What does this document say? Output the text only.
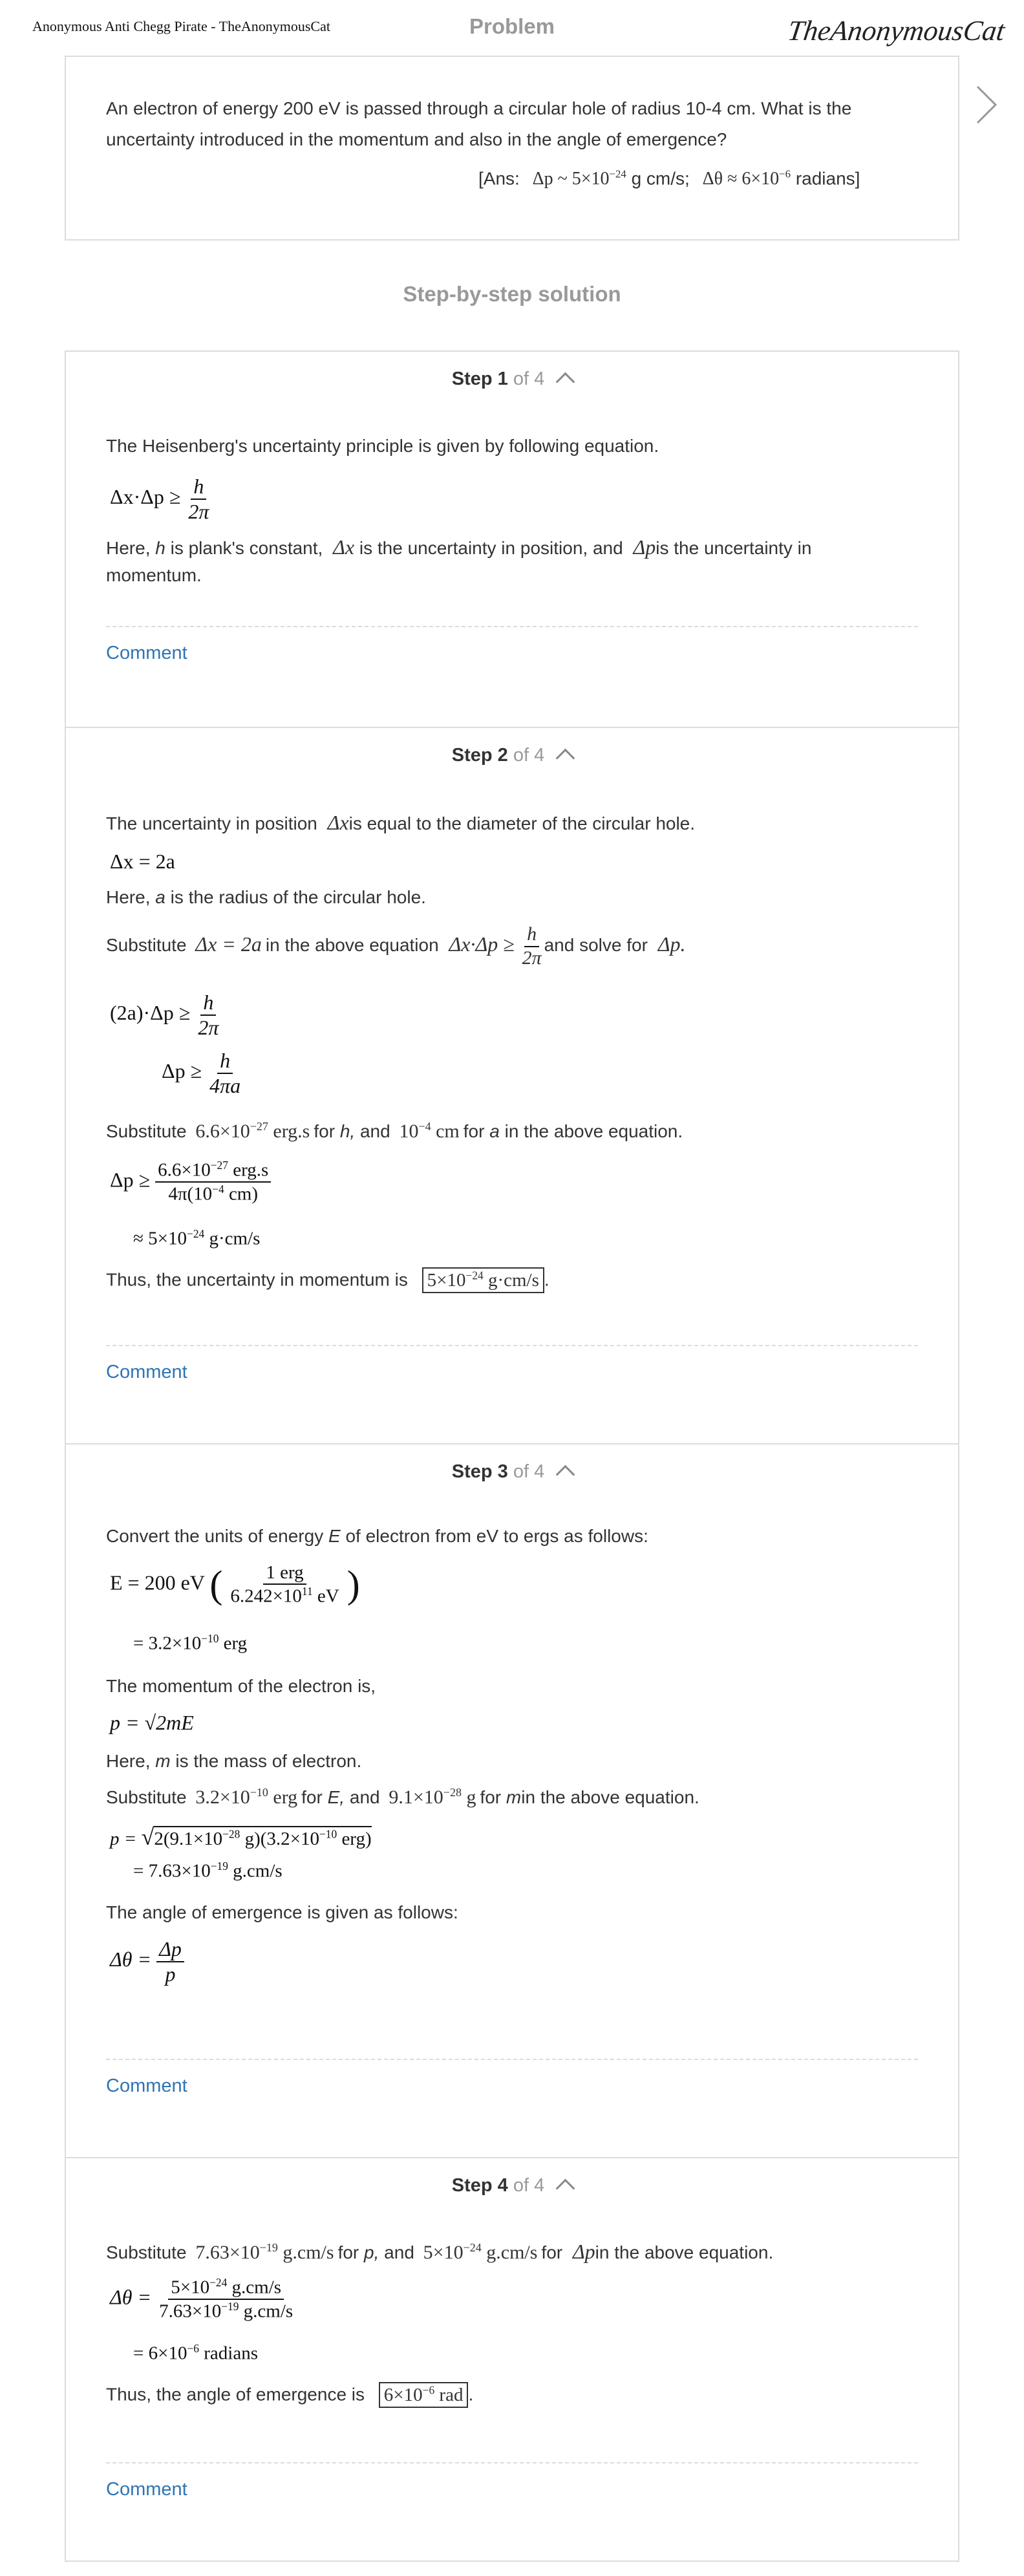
Anonymous Anti Chegg Pirate - TheAnonymousCat	Problem	TheAnonymousCat
An electron of energy 200 eV is passed through a circular hole of radius 10-4 cm. What is the
uncertainty introduced in the momentum and also in the angle of emergence?
[Ans: Δp ~ $5\times 10^{-24}$ g cm/s; $\Delta\theta \approx 6\times 10^{-6}$ radians]
Step-by-step solution
Step 1 of 4
The Heisenberg's uncertainty principle is given by following equation.
$\Delta x\cdot\Delta p \ge \frac{h}{2\pi}$
Here, h is plank's constant, Δx is the uncertainty in position, and Δpis the uncertainty in
momentum.
Comment
Step 2 of 4
The uncertainty in position Δxis equal to the diameter of the circular hole.
Δx = 2a
Here, a is the radius of the circular hole.
Substitute Δx = 2a in the above equation $\Delta x\cdot\Delta p \ge \frac{h}{2\pi}$ and solve for Δp.
$(2a)\cdot\Delta p \ge \frac{h}{2\pi}$
$\Delta p \ge \frac{h}{4\pi a}$
Substitute $6.6\times 10^{-27}$ erg.s for h, and $10^{-4}$ cm for a in the above equation.
$\Delta p \ge \frac{6.6\times 10^{-27} erg.s}{4\pi(10^{-4} cm)}$
≈ $5\times 10^{-24}$ g·cm/s
Thus, the uncertainty in momentum is $5\times 10^{-24}$ g·cm/s .
Comment
Step 3 of 4
Convert the units of energy E of electron from eV to ergs as follows:
E = 200 eV ( $\frac{\text{1 erg}}{6.242\times 10^{11} eV}$ )
= $3.2\times 10^{-10}$ erg
The momentum of the electron is,
p = √2mE
Here, m is the mass of electron.
Substitute $3.2\times 10^{-10}$ erg for E, and $9.1\times 10^{-28}$ g for min the above equation.
$p = √2(9.1\times 10^{-28}$ $g)(3.2\times 10^{-10}$ erg)
= $7.63\times 10^{-19}$ g.cm/s
The angle of emergence is given as follows:
$\Delta\theta = \frac{\Delta p}{p}$
Comment
Step 4 of 4
Substitute $7.63\times 10^{-19}$ g.cm/s for p, and $5\times 10^{-24}$ g.cm/s for Δpin the above equation.
$\Delta\theta = \frac{5\times 10^{-24} g.cm/s}{7.63\times 10^{-19} g.cm/s}$
= $6\times 10^{-6}$ radians
Thus, the angle of emergence is $6\times 10^{-6}$ rad .
Comment
